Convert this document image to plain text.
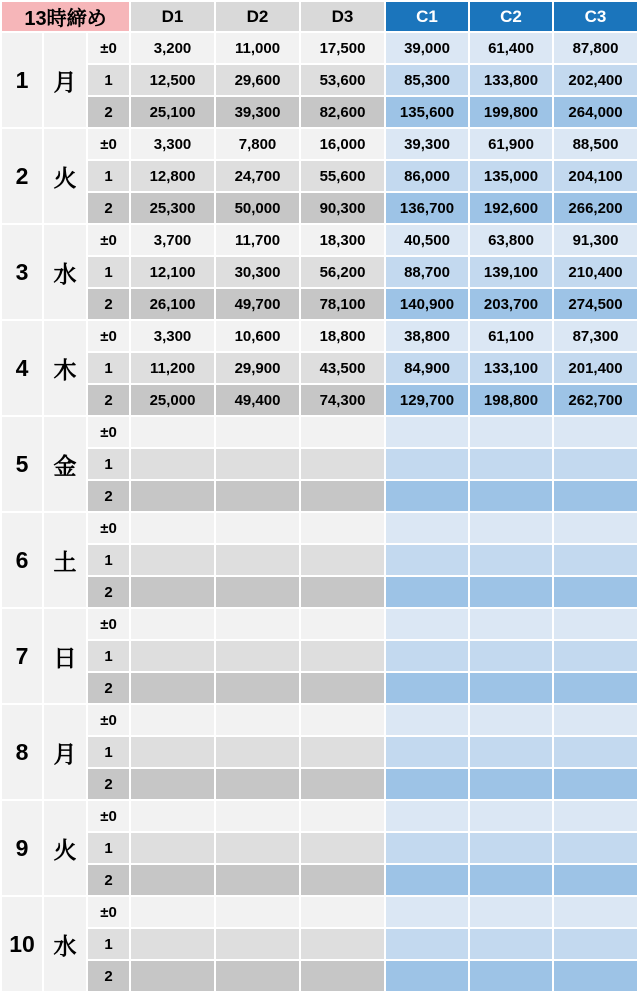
13時締め			D1	D2	D3	C1	C2	C3
1	月	±0	3,200	11,000	17,500	39,000	61,400	87,800
		1	12,500	29,600	53,600	85,300	133,800	202,400
		2	25,100	39,300	82,600	135,600	199,800	264,000
2	火	±0	3,300	7,800	16,000	39,300	61,900	88,500
		1	12,800	24,700	55,600	86,000	135,000	204,100
		2	25,300	50,000	90,300	136,700	192,600	266,200
3	水	±0	3,700	11,700	18,300	40,500	63,800	91,300
		1	12,100	30,300	56,200	88,700	139,100	210,400
		2	26,100	49,700	78,100	140,900	203,700	274,500
4	木	±0	3,300	10,600	18,800	38,800	61,100	87,300
		1	11,200	29,900	43,500	84,900	133,100	201,400
		2	25,000	49,400	74,300	129,700	198,800	262,700
5	金	±0						
		1						
		2						
6	土	±0						
		1						
		2						
7	日	±0						
		1						
		2						
8	月	±0						
		1						
		2						
9	火	±0						
		1						
		2						
10	水	±0						
		1						
		2						
